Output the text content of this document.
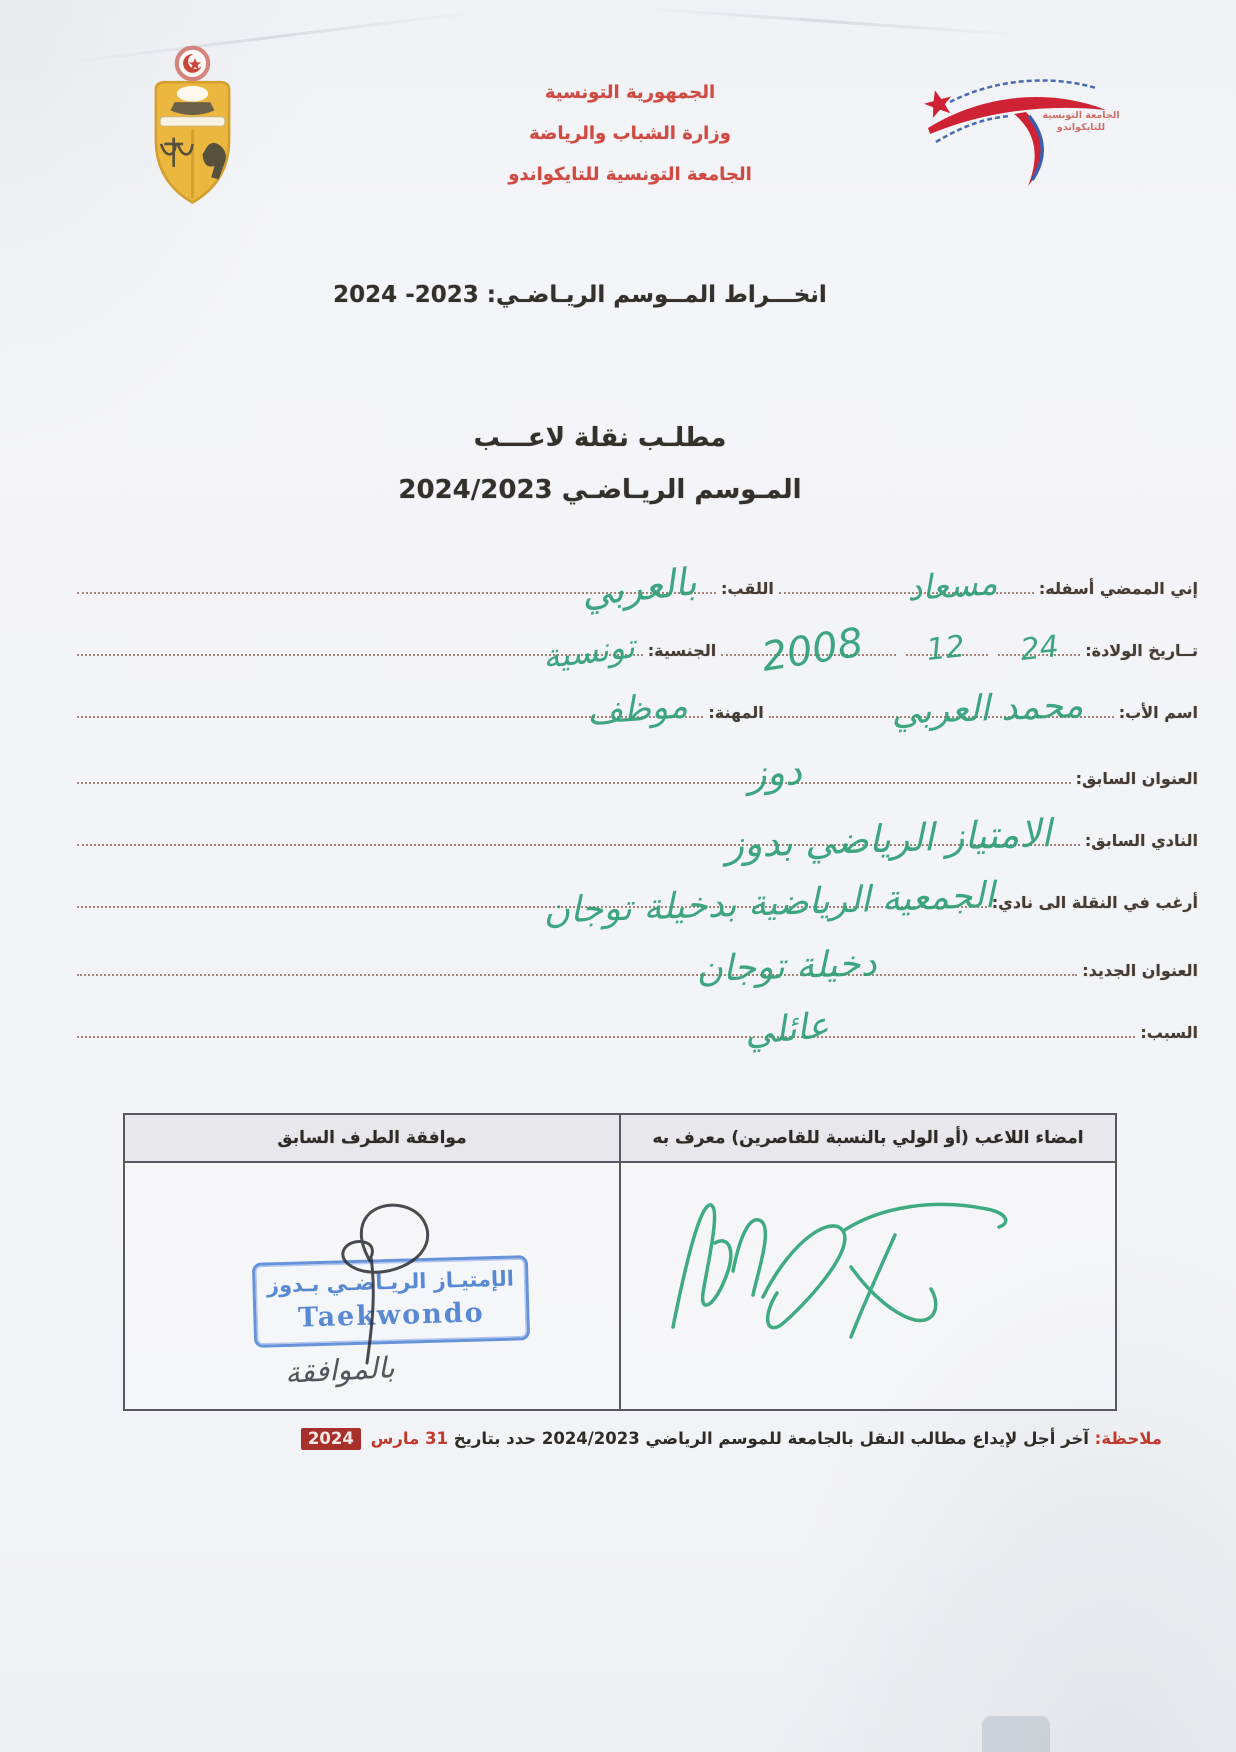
الجمهورية التونسية
وزارة الشباب والرياضة
الجامعة التونسية للتايكواندو
الجامعة التونسية للتايكواندو
انخـــراط المــوسم الريـاضـي: 2023- 2024
مطلـب نقلة لاعـــب
المـوسم الريـاضـي 2024/2023
إني الممضي أسفله:
مسعاد
اللقب:
بالعربي
تــاريخ الولادة:
24
12
2008
الجنسية:
تونسية
اسم الأب:
محمد العربي
المهنة:
موظف
العنوان السابق:
دوز
النادي السابق:
الامتياز الرياضي بدوز
أرغب في النقلة الى نادي:
الجمعية الرياضية بدخيلة توجان
العنوان الجديد:
دخيلة توجان
السبب:
عائلي
امضاء اللاعب (أو الولي بالنسبة للقاصرين) معرف به
موافقة الطرف السابق
الإمتيـاز الريـاضـي بـدوز
Taekwondo
بالموافقة
ملاحظة: آخر أجل لإيداع مطالب النقل بالجامعة للموسم الرياضي 2024/2023 حدد بتاريخ 31 مارس 2024
